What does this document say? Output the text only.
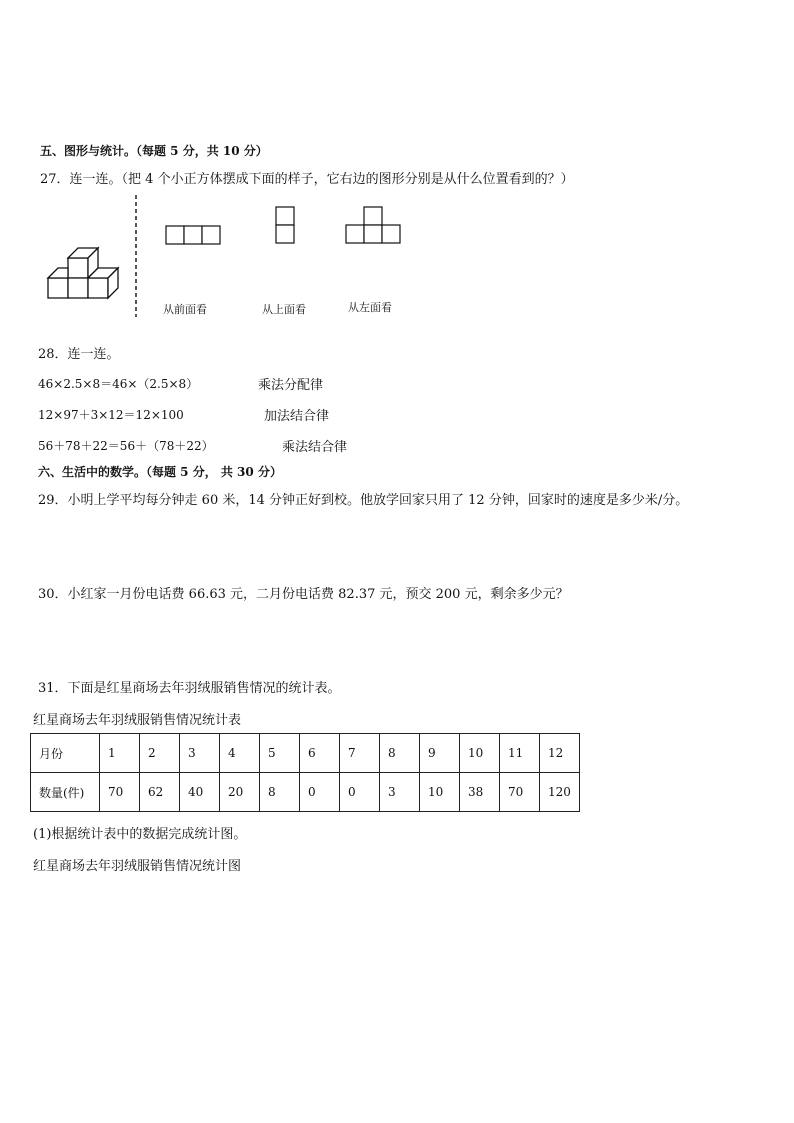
五、图形与统计。（每题 5 分，共 10 分）
27．连一连。（把 4 个小正方体摆成下面的样子，它右边的图形分别是从什么位置看到的？）
从前面看	从上面看	从左面看
28．连一连。
46×2.5×8＝46×（2.5×8）
12×97＋3×12＝12×100
56＋78＋22＝56＋（78＋22）
乘法分配律
加法结合律
乘法结合律
六、生活中的数学。（每题 5 分， 共 30 分）
29．小明上学平均每分钟走 60 米，14 分钟正好到校。他放学回家只用了 12 分钟，回家时的速度是多少米/分。
30．小红家一月份电话费 66.63 元，二月份电话费 82.37 元，预交 200 元，剩余多少元？
31．下面是红星商场去年羽绒服销售情况的统计表。
红星商场去年羽绒服销售情况统计表
月份	1	2	3	4	5	6	7	8	9	10	11	12
数量(件)	70	62	40	20	8	0	0	3	10	38	70	120
(1)根据统计表中的数据完成统计图。
红星商场去年羽绒服销售情况统计图
